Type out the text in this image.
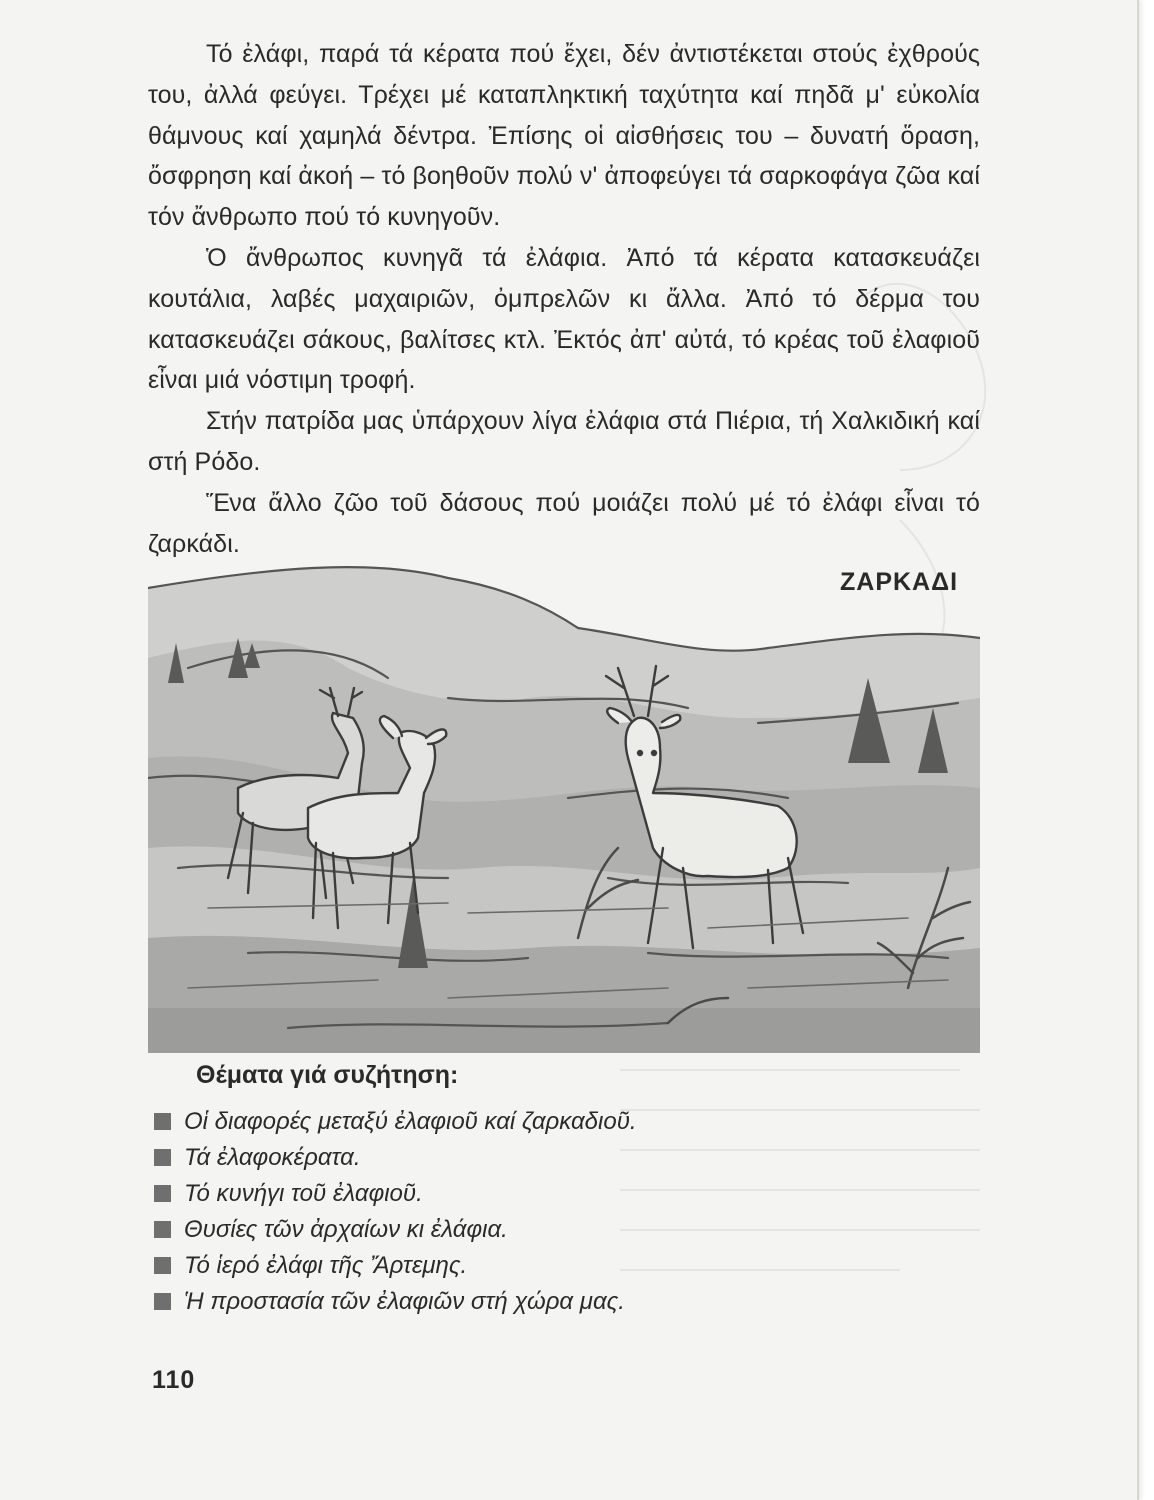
Τό ἐλάφι, παρά τά κέρατα πού ἔχει, δέν ἀντιστέκεται στούς ἐχθρούς του, ἀλλά φεύγει. Τρέχει μέ καταπληκτική ταχύτητα καί πηδᾶ μ' εὐκολία θάμνους καί χαμηλά δέντρα. Ἐπίσης οἱ αἰσθήσεις του – δυνατή ὅραση, ὄσφρηση καί ἀκοή – τό βοηθοῦν πολύ ν' ἀποφεύγει τά σαρκοφάγα ζῶα καί τόν ἄνθρωπο πού τό κυνηγοῦν.

Ὁ ἄνθρωπος κυνηγᾶ τά ἐλάφια. Ἀπό τά κέρατα κατασκευάζει κουτάλια, λαβές μαχαιριῶν, ὀμπρελῶν κι ἄλλα. Ἀπό τό δέρμα του κατασκευάζει σάκους, βαλίτσες κτλ. Ἐκτός ἀπ' αὐτά, τό κρέας τοῦ ἐλαφιοῦ εἶναι μιά νόστιμη τροφή.

Στήν πατρίδα μας ὑπάρχουν λίγα ἐλάφια στά Πιέρια, τή Χαλκιδική καί στή Ρόδο.

Ἕνα ἄλλο ζῶο τοῦ δάσους πού μοιάζει πολύ μέ τό ἐλάφι εἶναι τό ζαρκάδι.

ΖΑΡΚΑΔΙ
Θέματα γιά συζήτηση:
Οἱ διαφορές μεταξύ ἐλαφιοῦ καί ζαρκαδιοῦ.
Τά ἐλαφοκέρατα.
Τό κυνήγι τοῦ ἐλαφιοῦ.
Θυσίες τῶν ἀρχαίων κι ἐλάφια.
Τό ἱερό ἐλάφι τῆς Ἄρτεμης.
Ἡ προστασία τῶν ἐλαφιῶν στή χώρα μας.
110
